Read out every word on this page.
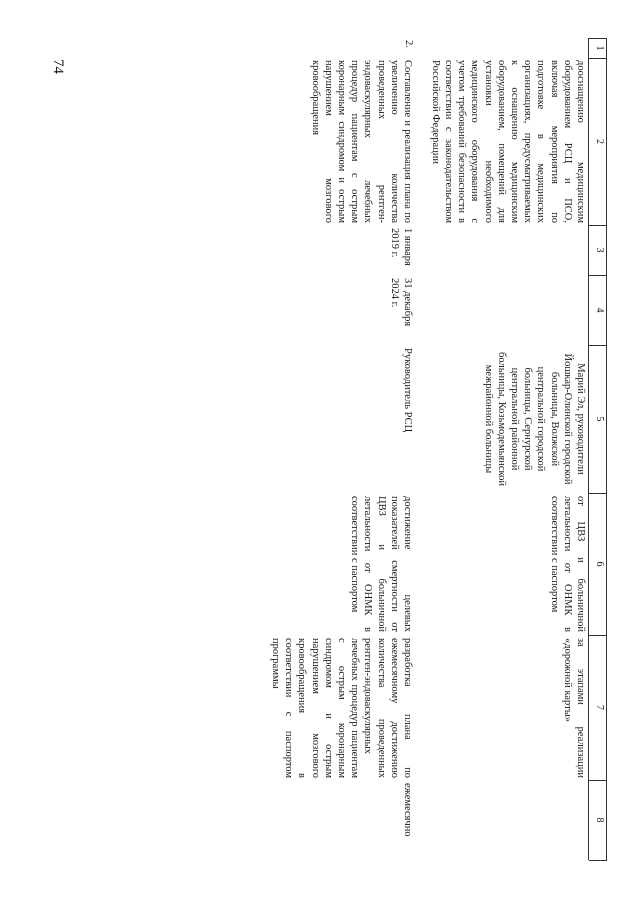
74
1
2
3
4
5
6
7
8
дооснащению медицинским оборудованием РСЦ и ПСО, включая мероприятия по подготовке в медицинских организациях, предусматриваемых к оснащению медицинским оборудованием, помещений для установки необходимого медицинского оборудования с учетом требований безопасности в соответствии с законодательством Российской Федерации
Марий Эл, руководители Йошкар-Олинской городской больницы, Волжской центральной городской больницы, Сернурской центральной районной больницы, Козьмодемьянской межрайонной больницы
от ЦВЗ и больничной летальности от ОНМК в соответствии с паспортом
за этапами реализации «дорожной карты»
2.
Составление и реализация плана по увеличению количества проведенных рентген-эндоваскулярных лечебных процедур пациентам с острым коронарным синдромом и острым нарушением мозгового кровообращения
1 января 2019 г.
31 декабря 2024 г.
Руководитель РСЦ
достижение целевых показателей смертности от ЦВЗ и больничной летальности от ОНМК в соответствии с паспортом
разработка плана по ежемесячному достижению количества проведенных рентген-эндоваскулярных лечебных процедур пациентам с острым коронарным синдромом и острым нарушением мозгового кровообращения в соответствии с паспортом программы
ежемесячно
